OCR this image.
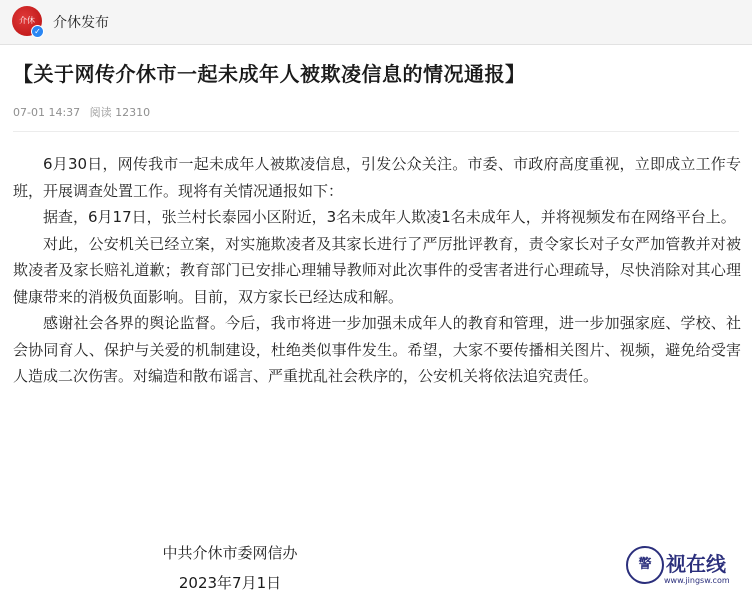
介休
✓
介休发布
【关于网传介休市一起未成年人被欺凌信息的情况通报】
07-01 14:37 阅读 12310

6月30日，网传我市一起未成年人被欺凌信息，引发公众关注。市委、市政府高度重视，立即成立工作专班，开展调查处置工作。现将有关情况通报如下：

据查，6月17日，张兰村长泰园小区附近，3名未成年人欺凌1名未成年人，并将视频发布在网络平台上。

对此，公安机关已经立案，对实施欺凌者及其家长进行了严厉批评教育，责令家长对子女严加管教并对被欺凌者及家长赔礼道歉；教育部门已安排心理辅导教师对此次事件的受害者进行心理疏导，尽快消除对其心理健康带来的消极负面影响。目前，双方家长已经达成和解。

感谢社会各界的舆论监督。今后，我市将进一步加强未成年人的教育和管理，进一步加强家庭、学校、社会协同育人、保护与关爱的机制建设，杜绝类似事件发生。希望，大家不要传播相关图片、视频，避免给受害人造成二次伤害。对编造和散布谣言、严重扰乱社会秩序的，公安机关将依法追究责任。

中共介休市委网信办
2023年7月1日
警 视在线
www.jingsw.com
